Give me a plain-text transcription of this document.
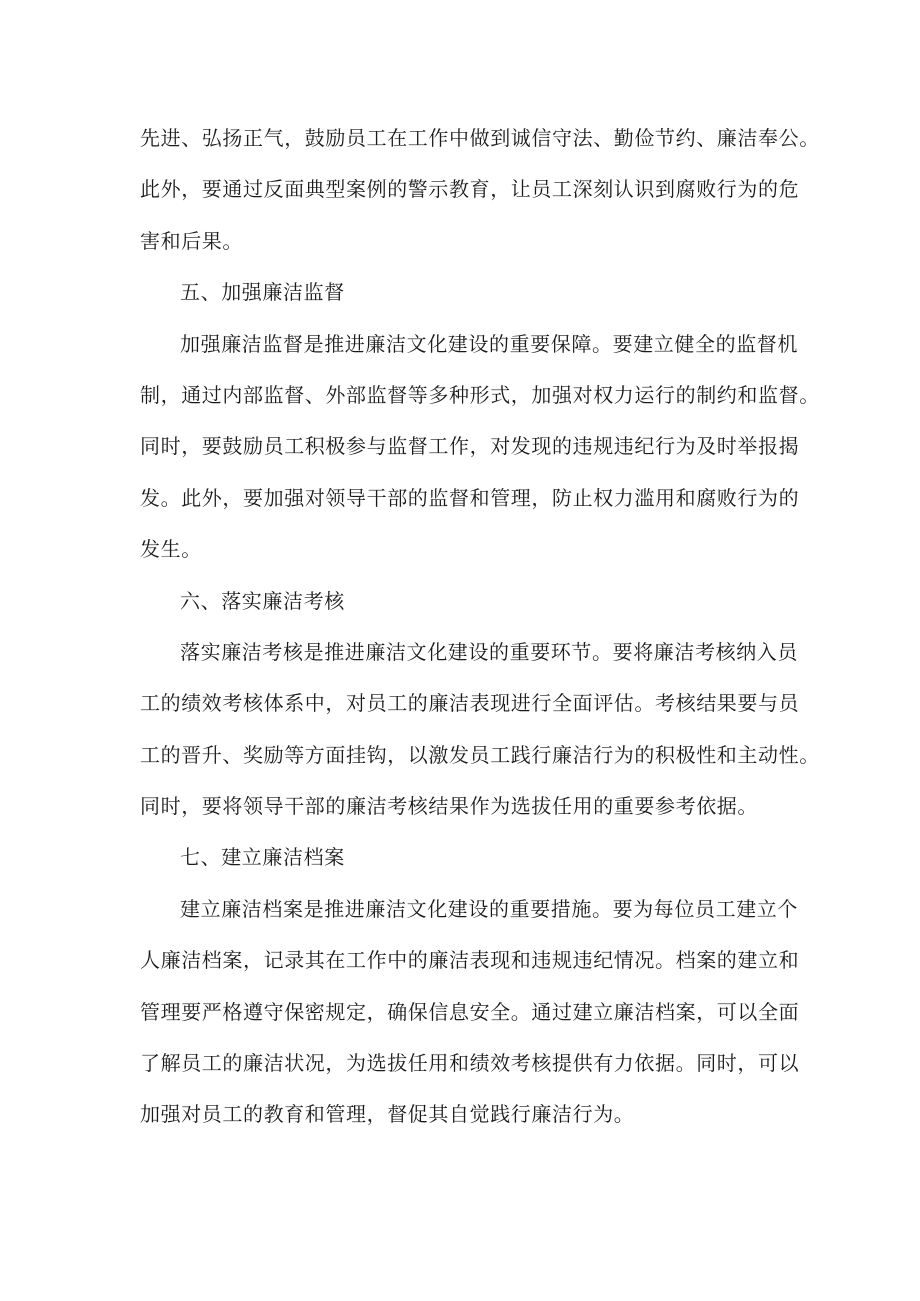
先进、弘扬正气，鼓励员工在工作中做到诚信守法、勤俭节约、廉洁奉公。
此外，要通过反面典型案例的警示教育，让员工深刻认识到腐败行为的危
害和后果。
五、加强廉洁监督
加强廉洁监督是推进廉洁文化建设的重要保障。要建立健全的监督机
制，通过内部监督、外部监督等多种形式，加强对权力运行的制约和监督。
同时，要鼓励员工积极参与监督工作，对发现的违规违纪行为及时举报揭
发。此外，要加强对领导干部的监督和管理，防止权力滥用和腐败行为的
发生。
六、落实廉洁考核
落实廉洁考核是推进廉洁文化建设的重要环节。要将廉洁考核纳入员
工的绩效考核体系中，对员工的廉洁表现进行全面评估。考核结果要与员
工的晋升、奖励等方面挂钩，以激发员工践行廉洁行为的积极性和主动性。
同时，要将领导干部的廉洁考核结果作为选拔任用的重要参考依据。
七、建立廉洁档案
建立廉洁档案是推进廉洁文化建设的重要措施。要为每位员工建立个
人廉洁档案，记录其在工作中的廉洁表现和违规违纪情况。档案的建立和
管理要严格遵守保密规定，确保信息安全。通过建立廉洁档案，可以全面
了解员工的廉洁状况，为选拔任用和绩效考核提供有力依据。同时，可以
加强对员工的教育和管理，督促其自觉践行廉洁行为。
